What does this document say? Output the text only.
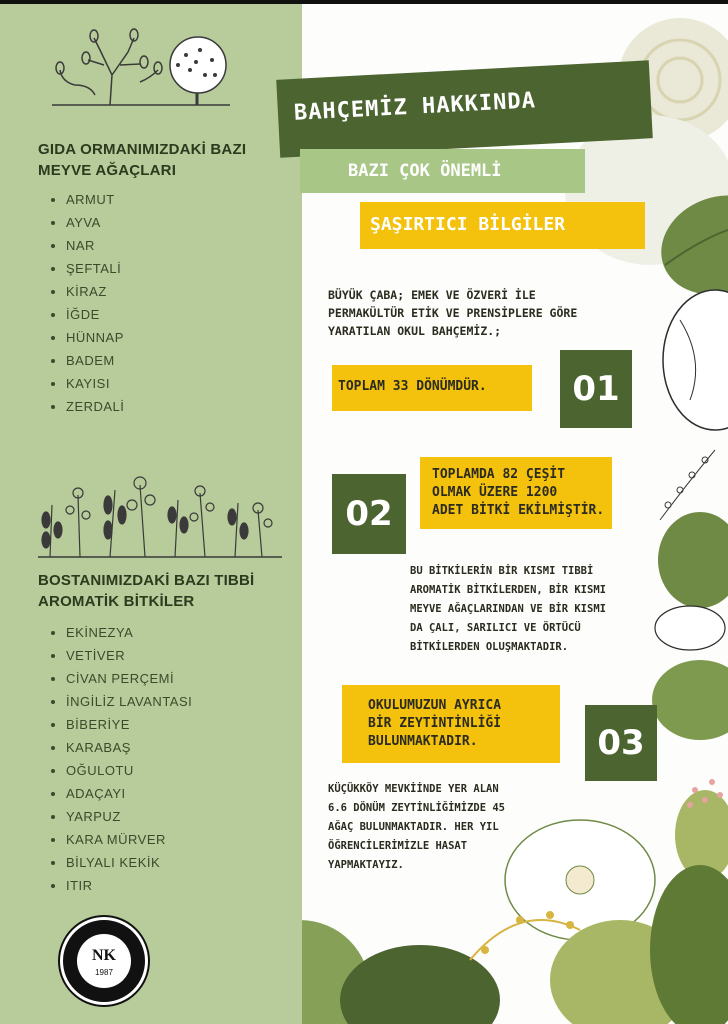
GIDA ORMANIMIZDAKİ BAZI
MEYVE AĞAÇLARI
ARMUT
AYVA
NAR
ŞEFTALİ
KİRAZ
İĞDE
HÜNNAP
BADEM
KAYISI
ZERDALİ
BOSTANIMIZDAKİ BAZI TIBBİ
AROMATİK BİTKİLER
EKİNEZYA
VETİVER
CİVAN PERÇEMİ
İNGİLİZ LAVANTASI
BİBERİYE
KARABAŞ
OĞULOTU
ADAÇAYI
YARPUZ
KARA MÜRVER
BİLYALI KEKİK
ITIR
NK
1987
BAHÇEMİZ HAKKINDA
BAZI ÇOK ÖNEMLİ
ŞAŞIRTICI BİLGİLER
BÜYÜK ÇABA; EMEK VE ÖZVERİ İLE
PERMAKÜLTÜR ETİK VE PRENSİPLERE GÖRE
YARATILAN OKUL BAHÇEMİZ.;
TOPLAM 33 DÖNÜMDÜR.	01
02
TOPLAMDA 82 ÇEŞİT
OLMAK ÜZERE 1200
ADET BİTKİ EKİLMİŞTİR.
BU BİTKİLERİN BİR KISMI TIBBİ
AROMATİK BİTKİLERDEN, BİR KISMI
MEYVE AĞAÇLARINDAN VE BİR KISMI
DA ÇALI, SARILICI VE ÖRTÜCÜ
BİTKİLERDEN OLUŞMAKTADIR.
OKULUMUZUN AYRICA
BİR ZEYTİNTİNLİĞİ
BULUNMAKTADIR.	03
KÜÇÜKKÖY MEVKİİNDE YER ALAN
6.6 DÖNÜM ZEYTİNLİĞİMİZDE 45
AĞAÇ BULUNMAKTADIR. HER YIL
ÖĞRENCİLERİMİZLE HASAT
YAPMAKTAYIZ.
